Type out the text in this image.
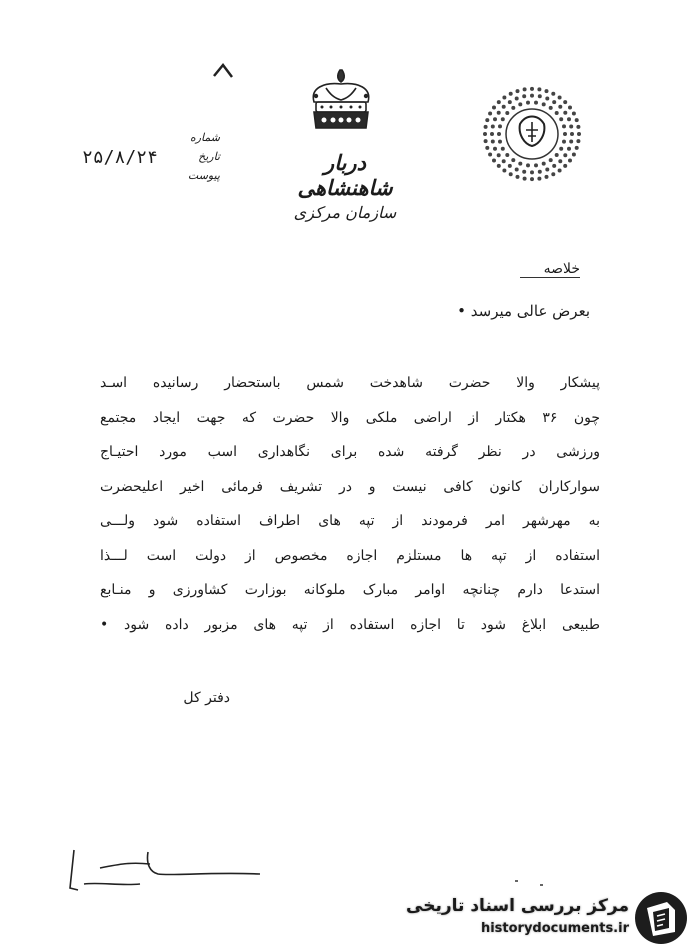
دربار شاهنشاهی
سازمان مرکزی
شماره
تاریخ
پیوست
۲۵/۸/۲۴
خلاصه
بعرض عالی میرسد •
پیشکار والا حضرت شاهدخت شمس باستحضار رسانیده اسـد
چون ۳۶ هکتار از اراضی ملکی والا حضرت که جهت ایجاد مجتمع
ورزشی در نظر گرفته شده برای نگاهداری اسب مورد احتیـاج
سوارکاران کانون کافی نیست و در تشریف فرمائی اخیر اعلیحضرت
به مهرشهر امر فرمودند از تپه های اطراف استفاده شود ولـــی
استفاده از تپه ها مستلزم اجازه مخصوص از دولت است لـــذا
استدعا دارم چنانچه اوامر مبارک ملوکانه بوزارت کشاورزی و منـابع
طبیعی ابلاغ شود تا اجازه استفاده از تپه های مزبور داده شود •
دفتر کل
مرکز بررسی اسناد تاریخی
historydocuments.ir
